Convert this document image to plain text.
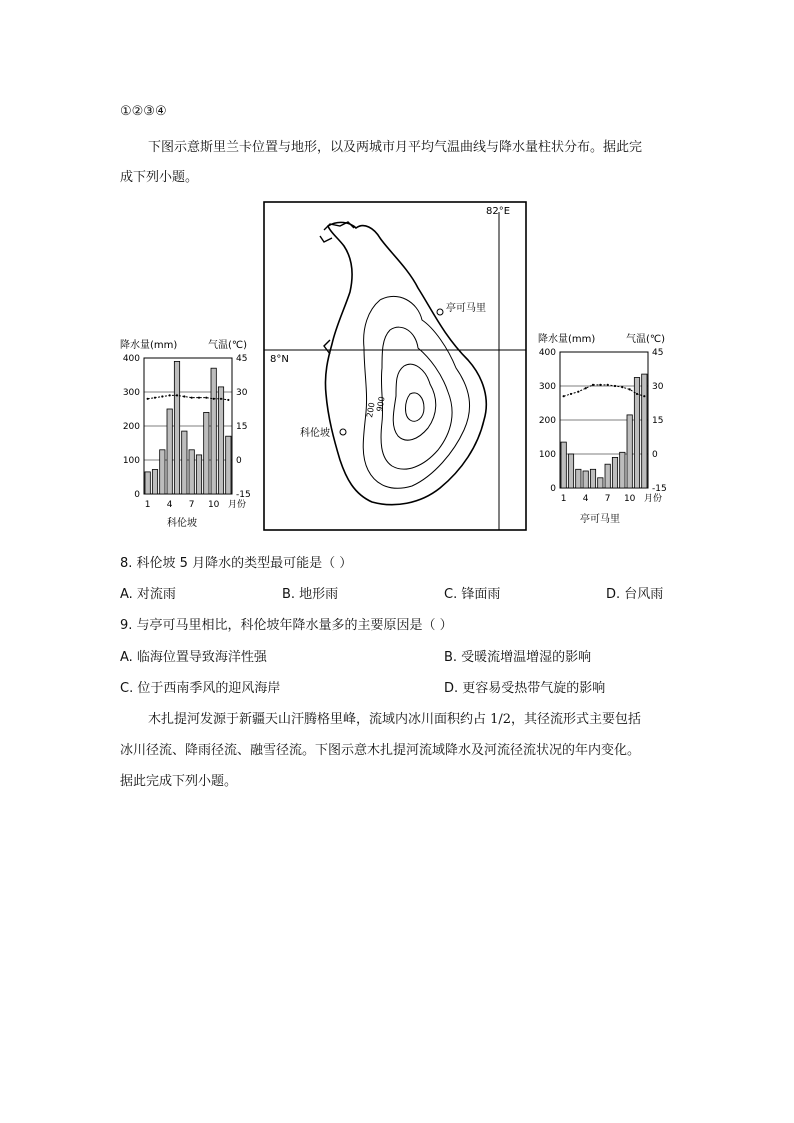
①②③④
下图示意斯里兰卡位置与地形，以及两城市月平均气温曲线与降水量柱状分布。据此完
成下列小题。
82°E
8°N
200
900
亭可马里
科伦坡
降水量(mm)	气温(℃)
400
300
200
100
0
45
30
15
0
-15
1 4 7 10 月份
科伦坡
降水量(mm)	气温(℃)
400
300
200
100
0
45
30
15
0
-15
1 4 7 10 月份
亭可马里
8. 科伦坡 5 月降水的类型最可能是（ ）
A. 对流雨	B. 地形雨	C. 锋面雨	D. 台风雨
9. 与亭可马里相比，科伦坡年降水量多的主要原因是（ ）
A. 临海位置导致海洋性强	B. 受暖流增温增湿的影响
C. 位于西南季风的迎风海岸	D. 更容易受热带气旋的影响
木扎提河发源于新疆天山汗腾格里峰，流域内冰川面积约占 1/2，其径流形式主要包括
冰川径流、降雨径流、融雪径流。下图示意木扎提河流域降水及河流径流状况的年内变化。
据此完成下列小题。
